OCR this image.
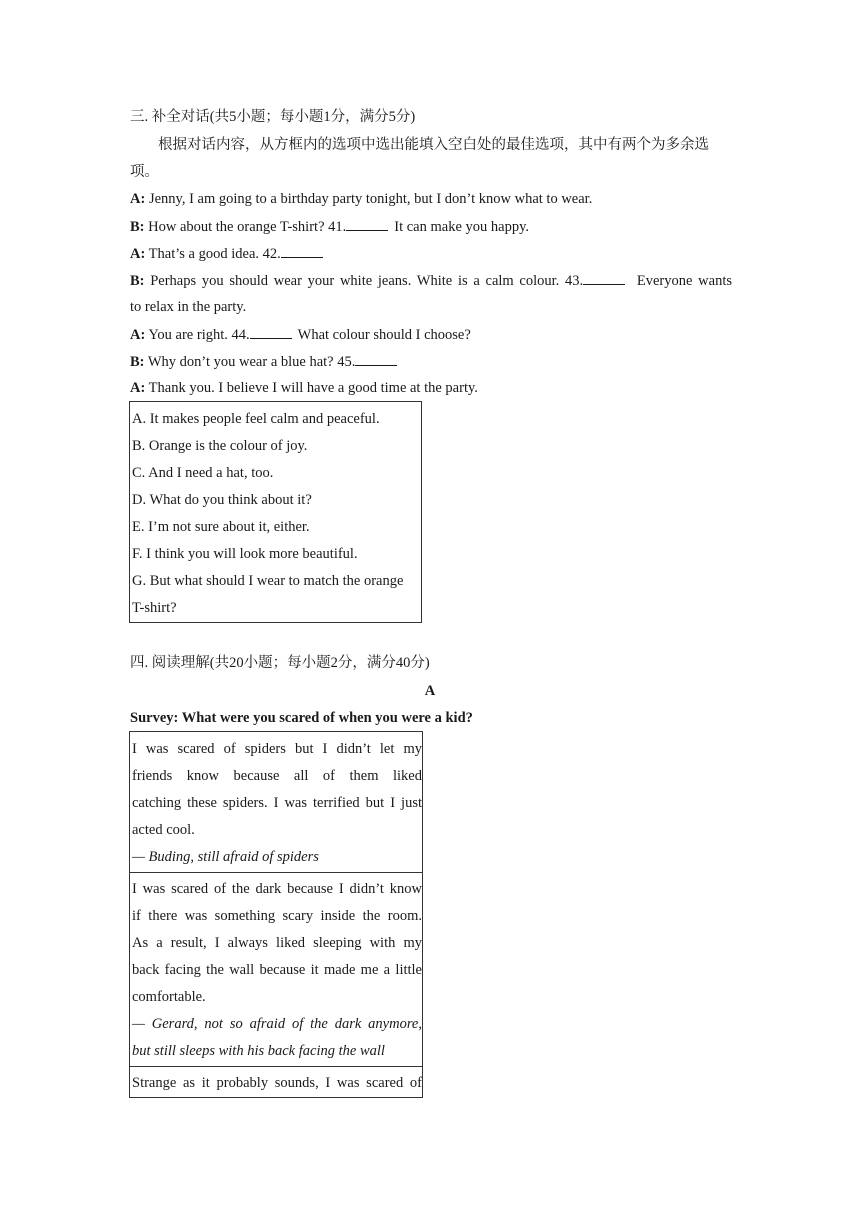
三. 补全对话(共5小题；每小题1分，满分5分)
根据对话内容，从方框内的选项中选出能填入空白处的最佳选项，其中有两个为多余选
项。
A: Jenny, I am going to a birthday party tonight, but I don’t know what to wear.
B: How about the orange T-shirt? 41.	It can make you happy.
A: That’s a good idea. 42.
B: Perhaps you should wear your white jeans. White is a calm colour. 43.	Everyone wants
to relax in the party.
A: You are right. 44.	What colour should I choose?
B: Why don’t you wear a blue hat? 45.
A: Thank you. I believe I will have a good time at the party.
A. It makes people feel calm and peaceful.
B. Orange is the colour of joy.
C. And I need a hat, too.
D. What do you think about it?
E. I’m not sure about it, either.
F. I think you will look more beautiful.
G. But what should I wear to match the orange
T-shirt?
四. 阅读理解(共20小题；每小题2分，满分40分)
A
Survey: What were you scared of when you were a kid?
I was scared of spiders but I didn’t let my
friends know because all of them liked
catching these spiders. I was terrified but I just
acted cool.
— Buding, still afraid of spiders
I was scared of the dark because I didn’t know
if there was something scary inside the room.
As a result, I always liked sleeping with my
back facing the wall because it made me a little
comfortable.
— Gerard, not so afraid of the dark anymore,
but still sleeps with his back facing the wall
Strange as it probably sounds, I was scared of
